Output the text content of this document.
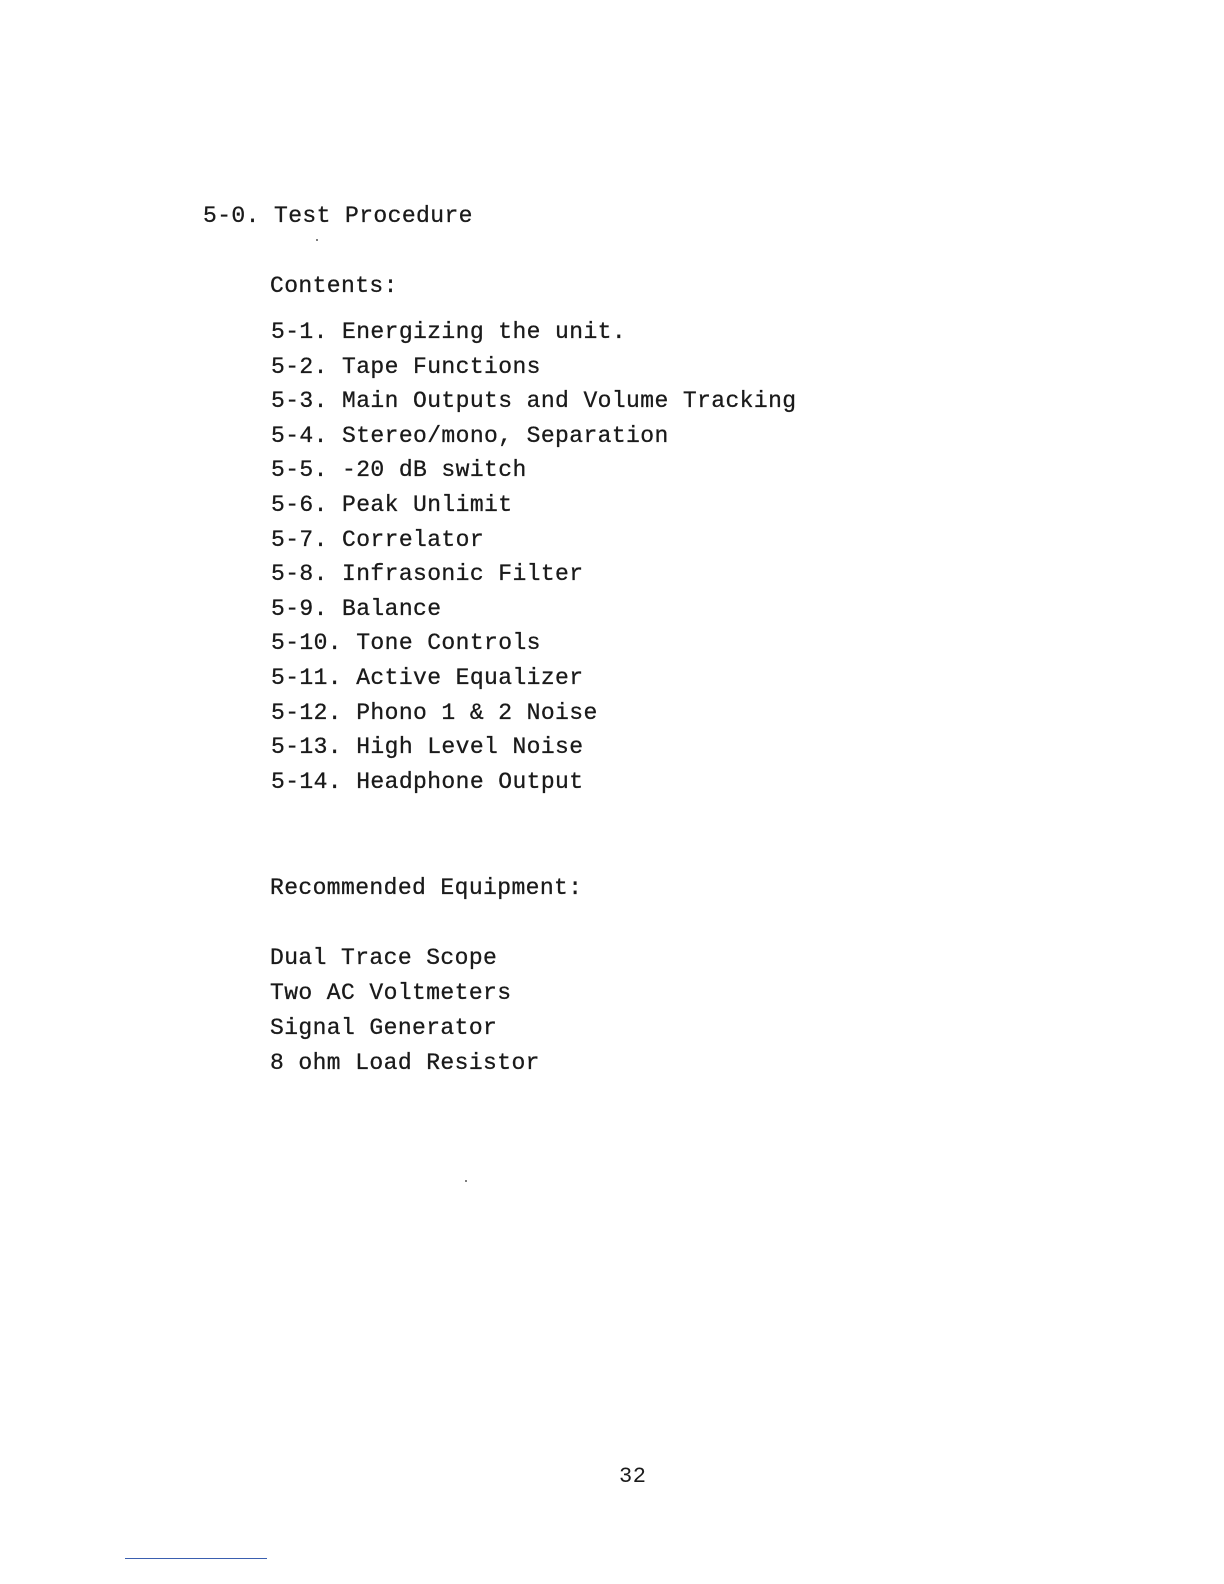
5-0. Test Procedure
Contents:
5-1. Energizing the unit.
5-2. Tape Functions
5-3. Main Outputs and Volume Tracking
5-4. Stereo/mono, Separation
5-5. -20 dB switch
5-6. Peak Unlimit
5-7. Correlator
5-8. Infrasonic Filter
5-9. Balance
5-10. Tone Controls
5-11. Active Equalizer
5-12. Phono 1 & 2 Noise
5-13. High Level Noise
5-14. Headphone Output
Recommended Equipment:
Dual Trace Scope
Two AC Voltmeters
Signal Generator
8 ohm Load Resistor
32
